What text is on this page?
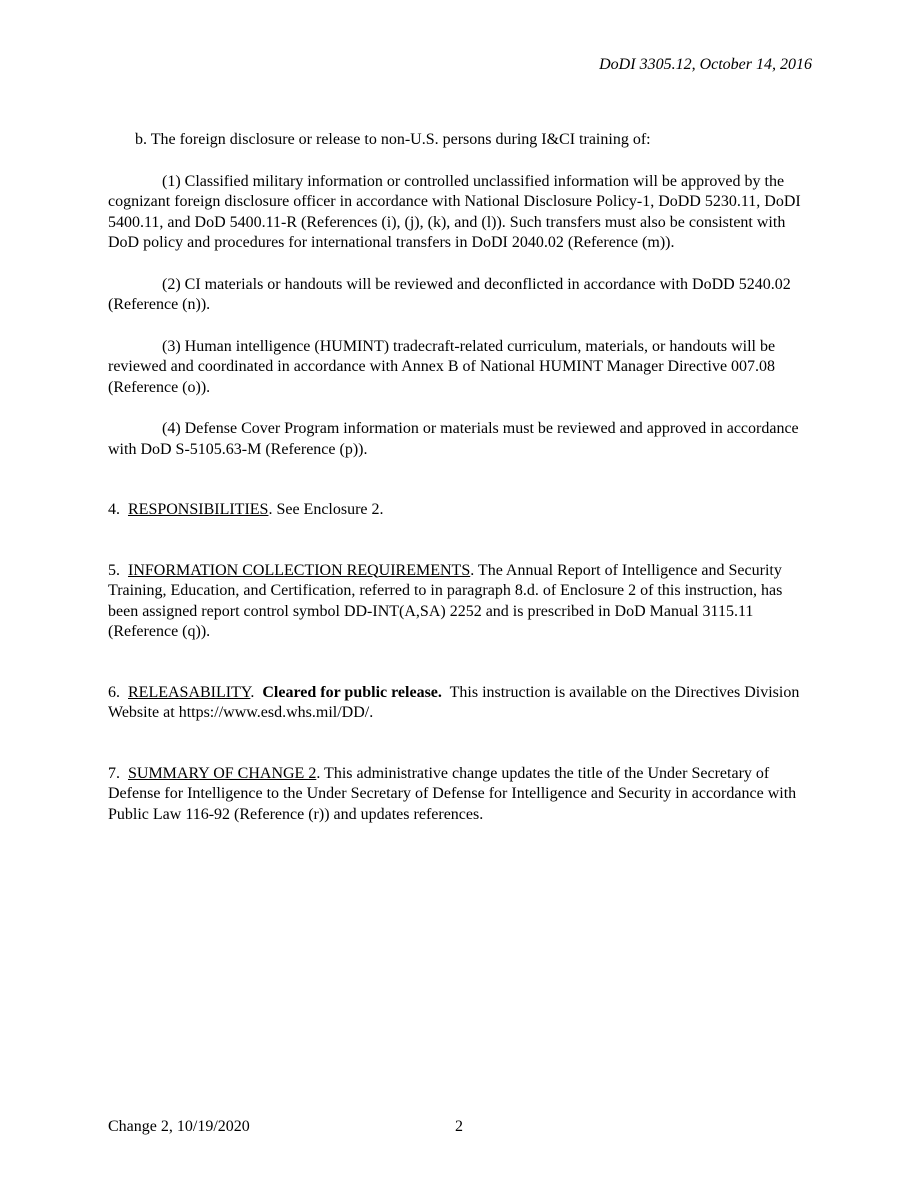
DoDI 3305.12, October 14, 2016

b. The foreign disclosure or release to non-U.S. persons during I&CI training of:

(1) Classified military information or controlled unclassified information will be approved by the cognizant foreign disclosure officer in accordance with National Disclosure Policy-1, DoDD 5230.11, DoDI 5400.11, and DoD 5400.11-R (References (i), (j), (k), and (l)). Such transfers must also be consistent with DoD policy and procedures for international transfers in DoDI 2040.02 (Reference (m)).

(2) CI materials or handouts will be reviewed and deconflicted in accordance with DoDD 5240.02 (Reference (n)).

(3) Human intelligence (HUMINT) tradecraft-related curriculum, materials, or handouts will be reviewed and coordinated in accordance with Annex B of National HUMINT Manager Directive 007.08 (Reference (o)).

(4) Defense Cover Program information or materials must be reviewed and approved in accordance with DoD S-5105.63-M (Reference (p)).

4. RESPONSIBILITIES. See Enclosure 2.

5. INFORMATION COLLECTION REQUIREMENTS. The Annual Report of Intelligence and Security Training, Education, and Certification, referred to in paragraph 8.d. of Enclosure 2 of this instruction, has been assigned report control symbol DD-INT(A,SA) 2252 and is prescribed in DoD Manual 3115.11 (Reference (q)).

6. RELEASABILITY.  Cleared for public release.  This instruction is available on the Directives Division Website at https://www.esd.whs.mil/DD/.

7. SUMMARY OF CHANGE 2. This administrative change updates the title of the Under Secretary of Defense for Intelligence to the Under Secretary of Defense for Intelligence and Security in accordance with Public Law 116-92 (Reference (r)) and updates references.

Change 2, 10/19/2020	2
